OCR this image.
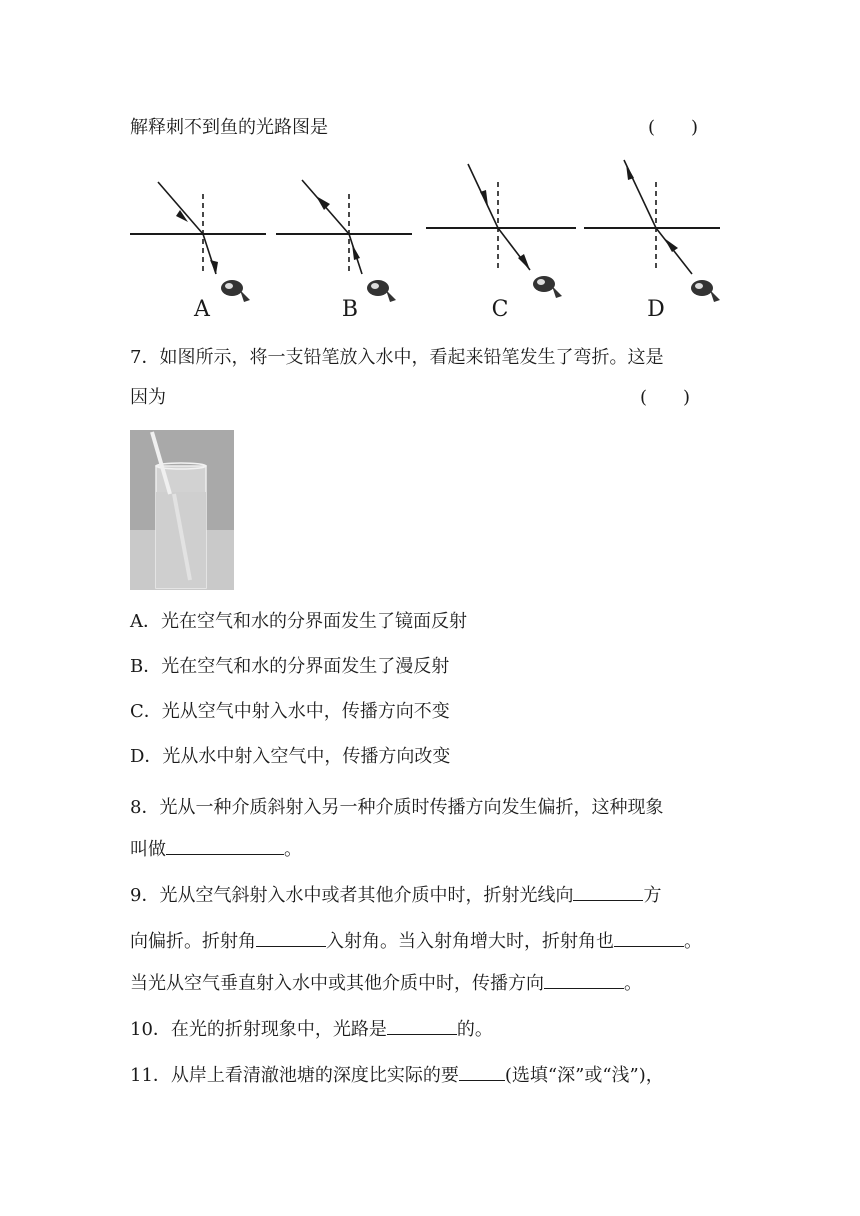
解释刺不到鱼的光路图是	(　　)
A	B	C	D
7．如图所示，将一支铅笔放入水中，看起来铅笔发生了弯折。这是
因为	(　　)
A．光在空气和水的分界面发生了镜面反射
B．光在空气和水的分界面发生了漫反射
C．光从空气中射入水中，传播方向不变
D．光从水中射入空气中，传播方向改变
8．光从一种介质斜射入另一种介质时传播方向发生偏折，这种现象
叫做	。
9．光从空气斜射入水中或者其他介质中时，折射光线向	方
向偏折。折射角	入射角。当入射角增大时，折射角也	。
当光从空气垂直射入水中或其他介质中时，传播方向	。
10．在光的折射现象中，光路是	的。
11．从岸上看清澈池塘的深度比实际的要	(选填“深”或“浅”)，
